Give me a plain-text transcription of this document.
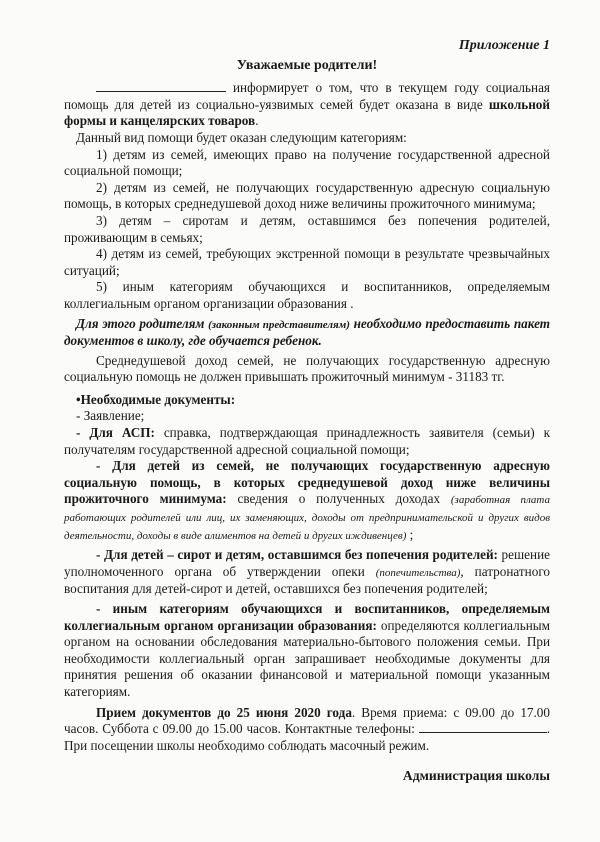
Приложение 1

Уважаемые родители!

информирует о том, что в текущем году социальная помощь для детей из социально-уязвимых семей будет оказана в виде школьной формы и канцелярских товаров.

Данный вид помощи будет оказан следующим категориям:

1) детям из семей, имеющих право на получение государственной адресной социальной помощи;

2) детям из семей, не получающих государственную адресную социальную помощь, в которых среднедушевой доход ниже величины прожиточного минимума;

3) детям – сиротам и детям, оставшимся без попечения родителей, проживающим в семьях;

4) детям из семей, требующих экстренной помощи в результате чрезвычайных ситуаций;

5) иным категориям обучающихся и воспитанников, определяемым коллегиальным органом организации образования .

Для этого родителям (законным представителям) необходимо предоставить пакет документов в школу, где обучается ребенок.

Среднедушевой доход семей, не получающих государственную адресную социальную помощь не должен привышать прожиточный минимум - 31183 тг.

•Необходимые документы:

- Заявление;

- Для АСП: справка, подтверждающая принадлежность заявителя (семьи) к получателям государственной адресной социальной помощи;

- Для детей из семей, не получающих государственную адресную социальную помощь, в которых среднедушевой доход ниже величины прожиточного минимума: сведения о полученных доходах (заработная плата работающих родителей или лиц, их заменяющих, доходы от предпринимательской и других видов деятельности, доходы в виде алиментов на детей и других иждивенцев) ;

- Для детей – сирот и детям, оставшимся без попечения родителей: решение уполномоченного органа об утверждении опеки (попечительства), патронатного воспитания для детей-сирот и детей, оставшихся без попечения родителей;

- иным категориям обучающихся и воспитанников, определяемым коллегиальным органом организации образования: определяются коллегиальным органом на основании обследования материально-бытового положения семьи. При необходимости коллегиальный орган запрашивает необходимые документы для принятия решения об оказании финансовой и материальной помощи указанным категориям.

Прием документов до 25 июня 2020 года. Время приема: с 09.00 до 17.00 часов. Суббота с 09.00 до 15.00 часов. Контактные телефоны:	. При посещении школы необходимо соблюдать масочный режим.

Администрация школы
